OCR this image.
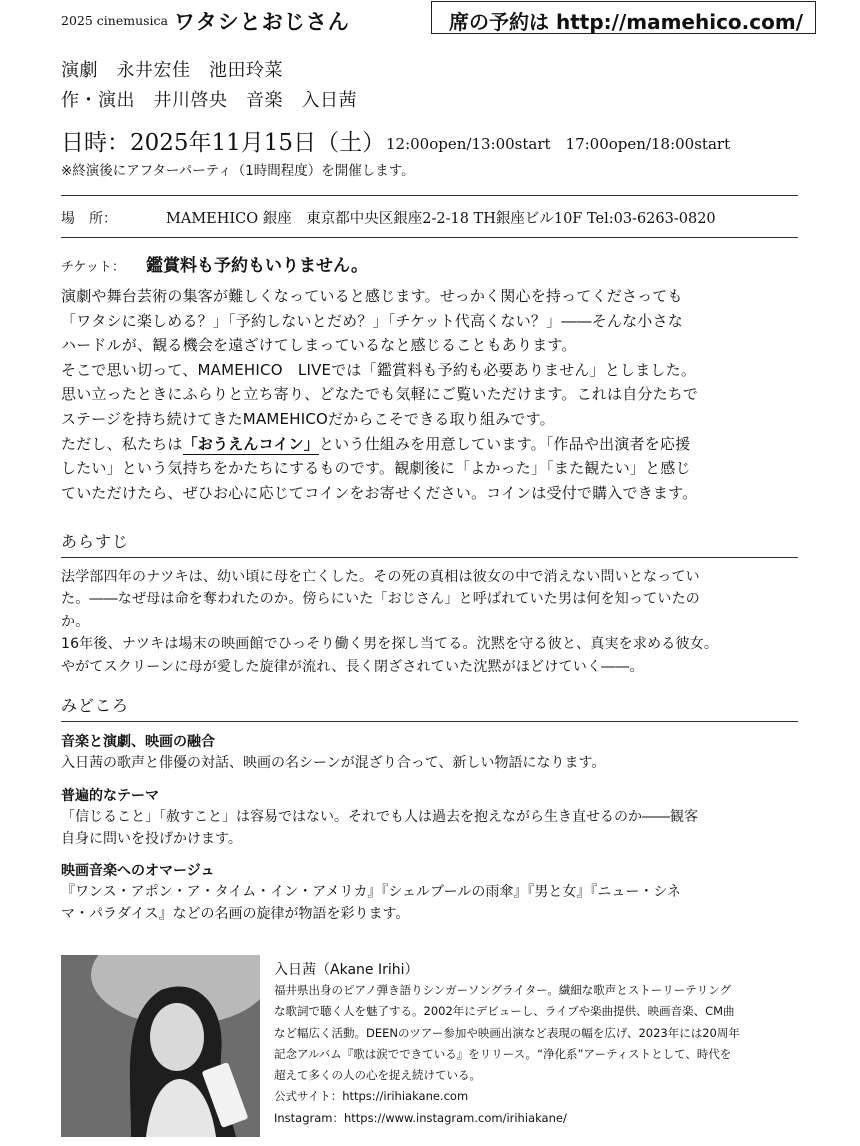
2025 cinemusica ワタシとおじさん	席の予約は http://mamehico.com/
演劇　永井宏佳　池田玲菜
作・演出　井川啓央　音楽　入日茜
日時：2025年11月15日（土） 12:00open/13:00start　17:00open/18:00start
※終演後にアフターパーティ（1時間程度）を開催します。
場　所：	MAMEHICO 銀座　東京都中央区銀座2-2-18 TH銀座ビル10F Tel:03-6263-0820
チケット： 鑑賞料も予約もいりません。
演劇や舞台芸術の集客が難しくなっていると感じます。せっかく関心を持ってくださっても
「ワタシに楽しめる？」「予約しないとだめ？」「チケット代高くない？」――そんな小さな
ハードルが、観る機会を遠ざけてしまっているなと感じることもあります。
そこで思い切って、MAMEHICO　LIVEでは「鑑賞料も予約も必要ありません」としました。
思い立ったときにふらりと立ち寄り、どなたでも気軽にご覧いただけます。これは自分たちで
ステージを持ち続けてきたMAMEHICOだからこそできる取り組みです。
ただし、私たちは「おうえんコイン」という仕組みを用意しています。「作品や出演者を応援
したい」という気持ちをかたちにするものです。観劇後に「よかった」「また観たい」と感じ
ていただけたら、ぜひお心に応じてコインをお寄せください。コインは受付で購入できます。
あらすじ
法学部四年のナツキは、幼い頃に母を亡くした。その死の真相は彼女の中で消えない問いとなってい
た。――なぜ母は命を奪われたのか。傍らにいた「おじさん」と呼ばれていた男は何を知っていたの
か。
16年後、ナツキは場末の映画館でひっそり働く男を探し当てる。沈黙を守る彼と、真実を求める彼女。
やがてスクリーンに母が愛した旋律が流れ、長く閉ざされていた沈黙がほどけていく――。
みどころ
音楽と演劇、映画の融合
入日茜の歌声と俳優の対話、映画の名シーンが混ざり合って、新しい物語になります。
普遍的なテーマ
「信じること」「赦すこと」は容易ではない。それでも人は過去を抱えながら生き直せるのか――観客
自身に問いを投げかけます。
映画音楽へのオマージュ
『ワンス・アポン・ア・タイム・イン・アメリカ』『シェルブールの雨傘』『男と女』『ニュー・シネ
マ・パラダイス』などの名画の旋律が物語を彩ります。
入日茜（Akane Irihi）
福井県出身のピアノ弾き語りシンガーソングライター。繊細な歌声とストーリーテリング
な歌詞で聴く人を魅了する。2002年にデビューし、ライブや楽曲提供、映画音楽、CM曲
など幅広く活動。DEENのツアー参加や映画出演など表現の幅を広げ、2023年には20周年
記念アルバム『歌は涙でできている』をリリース。“浄化系”アーティストとして、時代を
超えて多くの人の心を捉え続けている。
公式サイト：https://irihiakane.com
Instagram：https://www.instagram.com/irihiakane/
